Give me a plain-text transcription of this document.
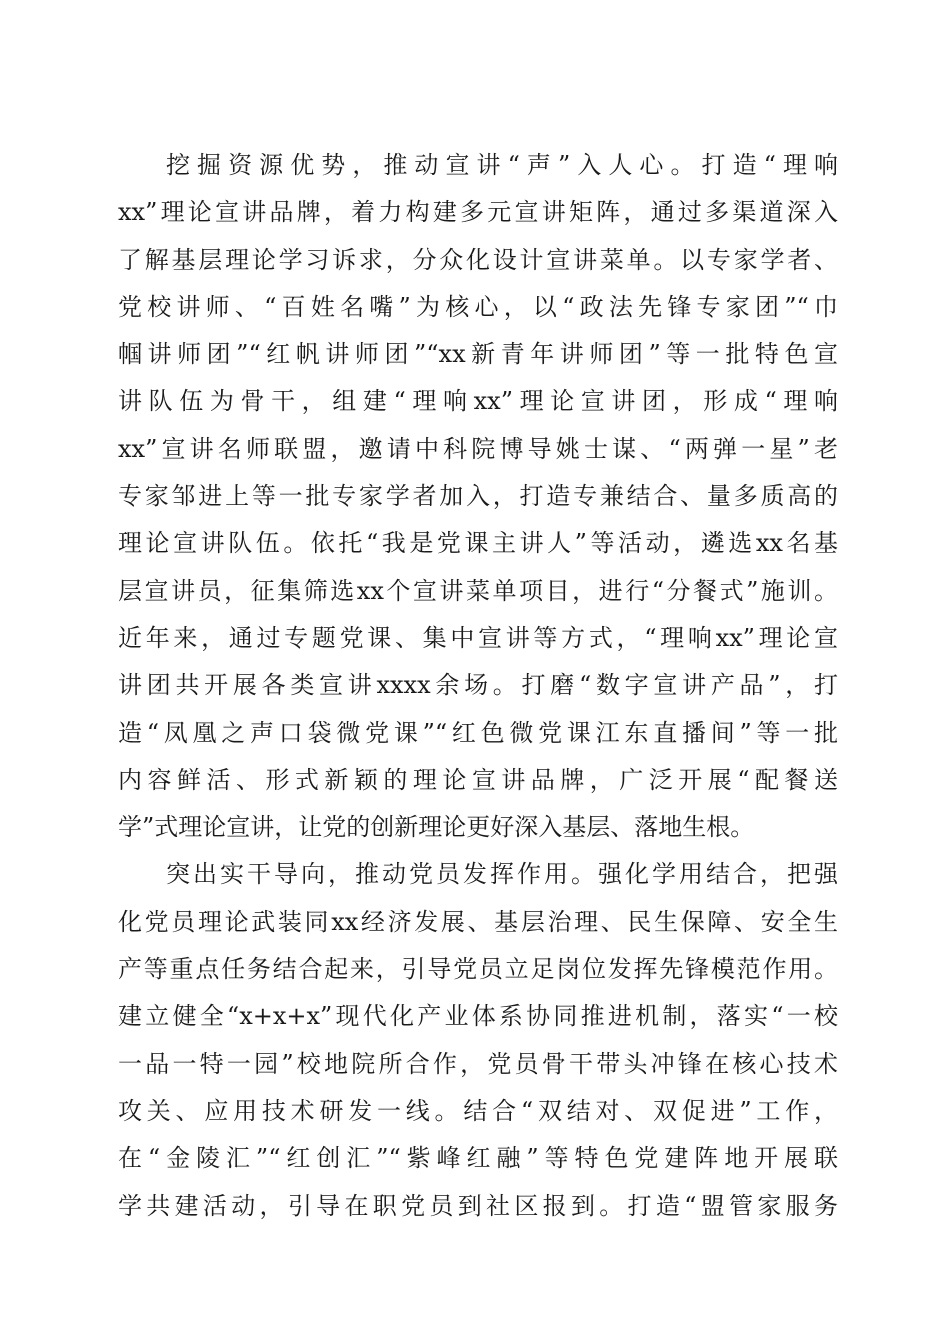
挖掘资源优势，推动宣讲“声”入人心。打造“理响
xx”理论宣讲品牌，着力构建多元宣讲矩阵，通过多渠道深入
了解基层理论学习诉求，分众化设计宣讲菜单。以专家学者、
党校讲师、“百姓名嘴”为核心，以“政法先锋专家团”“巾
帼讲师团”“红帆讲师团”“xx新青年讲师团”等一批特色宣
讲队伍为骨干，组建“理响xx”理论宣讲团，形成“理响
xx”宣讲名师联盟，邀请中科院博导姚士谋、“两弹一星”老
专家邹进上等一批专家学者加入，打造专兼结合、量多质高的
理论宣讲队伍。依托“我是党课主讲人”等活动，遴选xx名基
层宣讲员，征集筛选xx个宣讲菜单项目，进行“分餐式”施训。
近年来，通过专题党课、集中宣讲等方式，“理响xx”理论宣
讲团共开展各类宣讲xxxx余场。打磨“数字宣讲产品”，打
造“凤凰之声口袋微党课”“红色微党课江东直播间”等一批
内容鲜活、形式新颖的理论宣讲品牌，广泛开展“配餐送
学”式理论宣讲，让党的创新理论更好深入基层、落地生根。
突出实干导向，推动党员发挥作用。强化学用结合，把强
化党员理论武装同xx经济发展、基层治理、民生保障、安全生
产等重点任务结合起来，引导党员立足岗位发挥先锋模范作用。
建立健全“x+x+x”现代化产业体系协同推进机制，落实“一校
一品一特一园”校地院所合作，党员骨干带头冲锋在核心技术
攻关、应用技术研发一线。结合“双结对、双促进”工作，
在“金陵汇”“红创汇”“紫峰红融”等特色党建阵地开展联
学共建活动，引导在职党员到社区报到。打造“盟管家服务
